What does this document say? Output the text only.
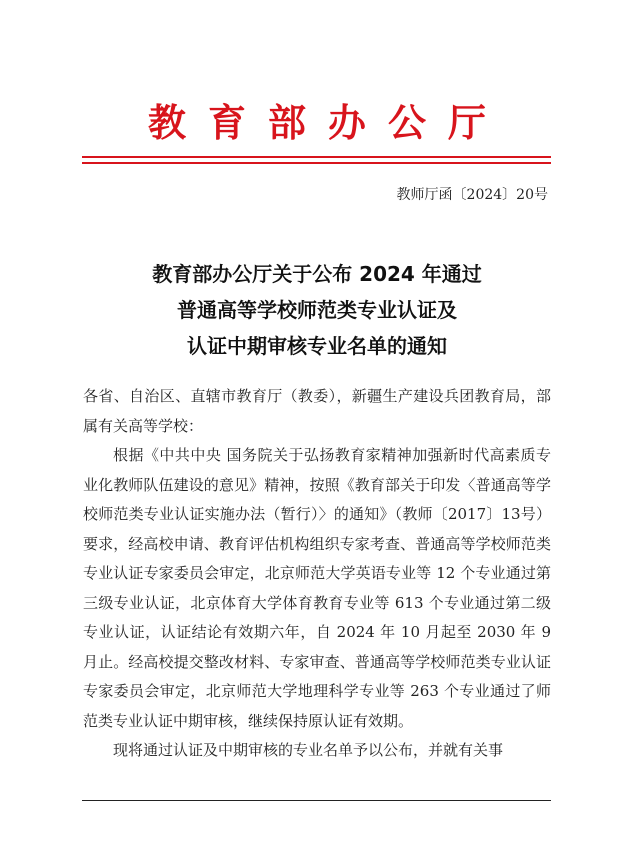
教育部办公厅
教师厅函〔2024〕20号
教育部办公厅关于公布 2024 年通过
普通高等学校师范类专业认证及
认证中期审核专业名单的通知

各省、自治区、直辖市教育厅（教委），新疆生产建设兵团教育局，部属有关高等学校：

根据《中共中央 国务院关于弘扬教育家精神加强新时代高素质专业化教师队伍建设的意见》精神，按照《教育部关于印发〈普通高等学校师范类专业认证实施办法（暂行）〉的通知》（教师〔2017〕13号）要求，经高校申请、教育评估机构组织专家考查、普通高等学校师范类专业认证专家委员会审定，北京师范大学英语专业等 12 个专业通过第三级专业认证，北京体育大学体育教育专业等 613 个专业通过第二级专业认证，认证结论有效期六年，自 2024 年 10 月起至 2030 年 9 月止。经高校提交整改材料、专家审查、普通高等学校师范类专业认证专家委员会审定，北京师范大学地理科学专业等 263 个专业通过了师范类专业认证中期审核，继续保持原认证有效期。

现将通过认证及中期审核的专业名单予以公布，并就有关事
